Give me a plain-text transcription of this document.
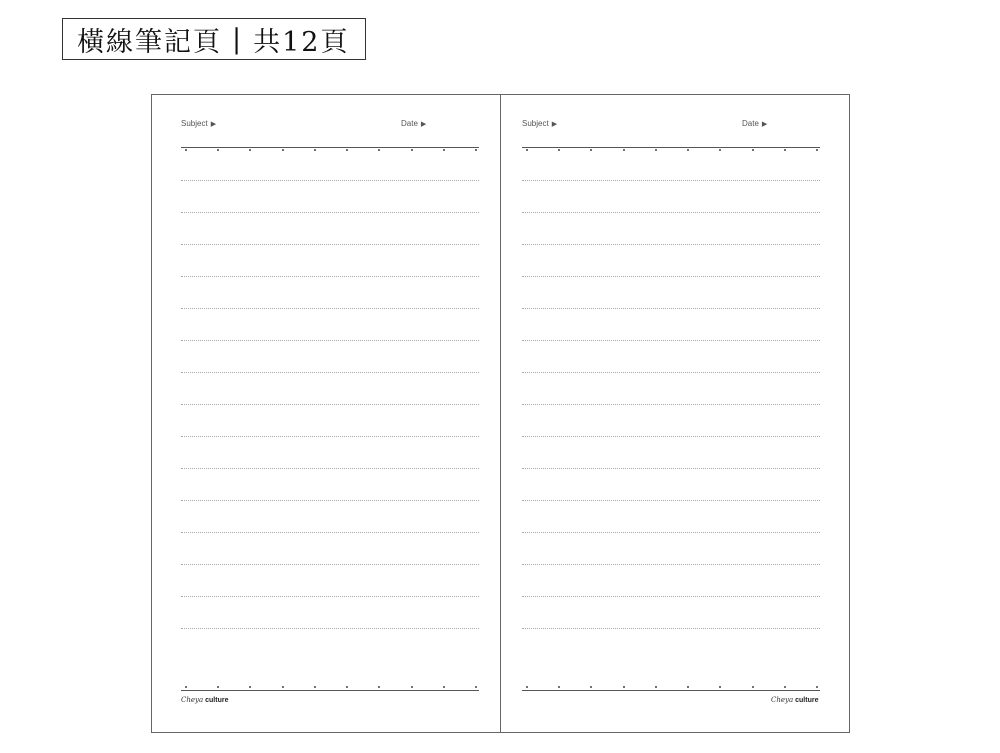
橫線筆記頁 | 共12頁
Subject ▶	Date ▶
Cheya culture
Subject ▶	Date ▶
Cheya culture
